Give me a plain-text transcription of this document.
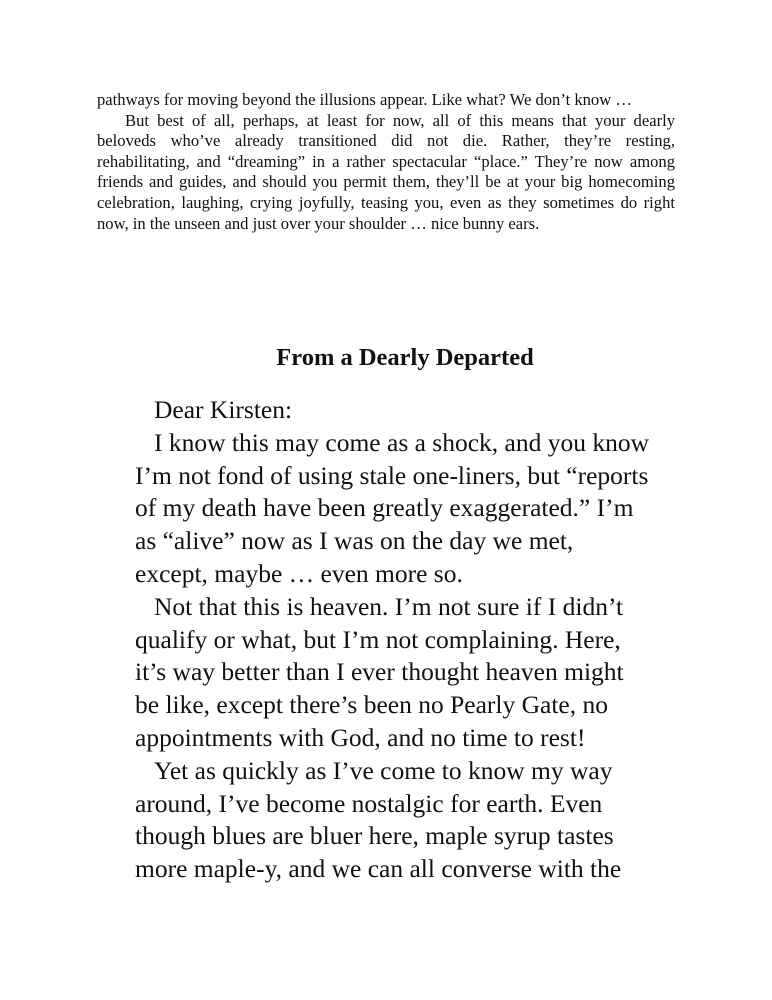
pathways for moving beyond the illusions appear. Like what? We don’t know …

But best of all, perhaps, at least for now, all of this means that your dearly beloveds who’ve already transitioned did not die. Rather, they’re resting, rehabilitating, and “dreaming” in a rather spectacular “place.” They’re now among friends and guides, and should you permit them, they’ll be at your big homecoming celebration, laughing, crying joyfully, teasing you, even as they sometimes do right now, in the unseen and just over your shoulder … nice bunny ears.

From a Dearly Departed

Dear Kirsten:

I know this may come as a shock, and you know
I’m not fond of using stale one-liners, but “reports
of my death have been greatly exaggerated.” I’m
as “alive” now as I was on the day we met,
except, maybe … even more so.

Not that this is heaven. I’m not sure if I didn’t
qualify or what, but I’m not complaining. Here,
it’s way better than I ever thought heaven might
be like, except there’s been no Pearly Gate, no
appointments with God, and no time to rest!

Yet as quickly as I’ve come to know my way
around, I’ve become nostalgic for earth. Even
though blues are bluer here, maple syrup tastes
more maple-y, and we can all converse with the
